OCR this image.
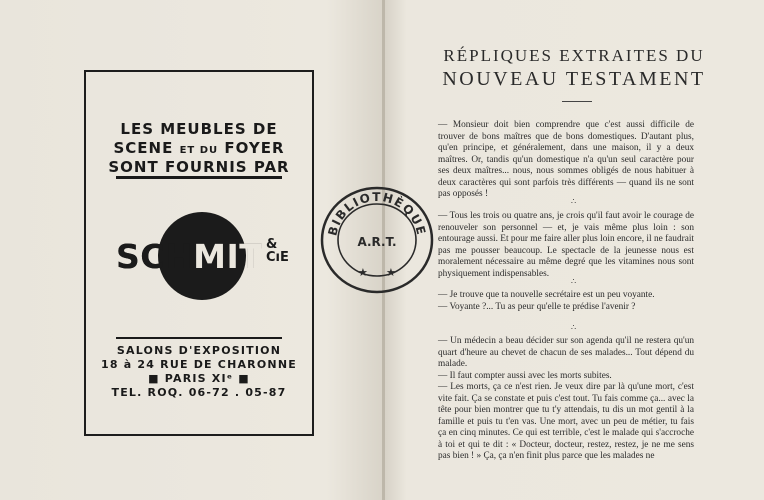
LES MEUBLES DE
SCENE ET DU FOYER
SONT FOURNIS PAR
SCHMIT &
CıE
SALONS D'EXPOSITION
18 à 24 RUE DE CHARONNE
■ PARIS XIᵉ ■
TEL. ROQ. 06-72 . 05-87
BIBLIOTHÈQUE
A.R.T.
★ ★
RÉPLIQUES EXTRAITES DU
NOUVEAU TESTAMENT

— Monsieur doit bien comprendre que c'est aussi difficile de trouver de bons maîtres que de bons domestiques. D'autant plus, qu'en principe, et généralement, dans une maison, il y a deux maîtres. Or, tandis qu'un domestique n'a qu'un seul caractère pour ses deux maîtres... nous, nous sommes obligés de nous habituer à deux caractères qui sont parfois très différents — quand ils ne sont pas opposés !

∴

— Tous les trois ou quatre ans, je crois qu'il faut avoir le courage de renouveler son personnel — et, je vais même plus loin : son entourage aussi. Et pour me faire aller plus loin encore, il ne faudrait pas me pousser beaucoup. Le spectacle de la jeunesse nous est moralement nécessaire au même degré que les vitamines nous sont physiquement indispensables.

∴

— Je trouve que ta nouvelle secrétaire est un peu voyante.
— Voyante ?... Tu as peur qu'elle te prédise l'avenir ?

∴

— Un médecin a beau décider sur son agenda qu'il ne restera qu'un quart d'heure au chevet de chacun de ses malades... Tout dépend du malade.
— Il faut compter aussi avec les morts subites.
— Les morts, ça ce n'est rien. Je veux dire par là qu'une mort, c'est vite fait. Ça se constate et puis c'est tout. Tu fais comme ça... avec la tête pour bien montrer que tu t'y attendais, tu dis un mot gentil à la famille et puis tu t'en vas. Une mort, avec un peu de métier, tu fais ça en cinq minutes. Ce qui est terrible, c'est le malade qui s'accroche à toi et qui te dit : « Docteur, docteur, restez, restez, je ne me sens pas bien ! » Ça, ça n'en finit plus parce que les malades ne
